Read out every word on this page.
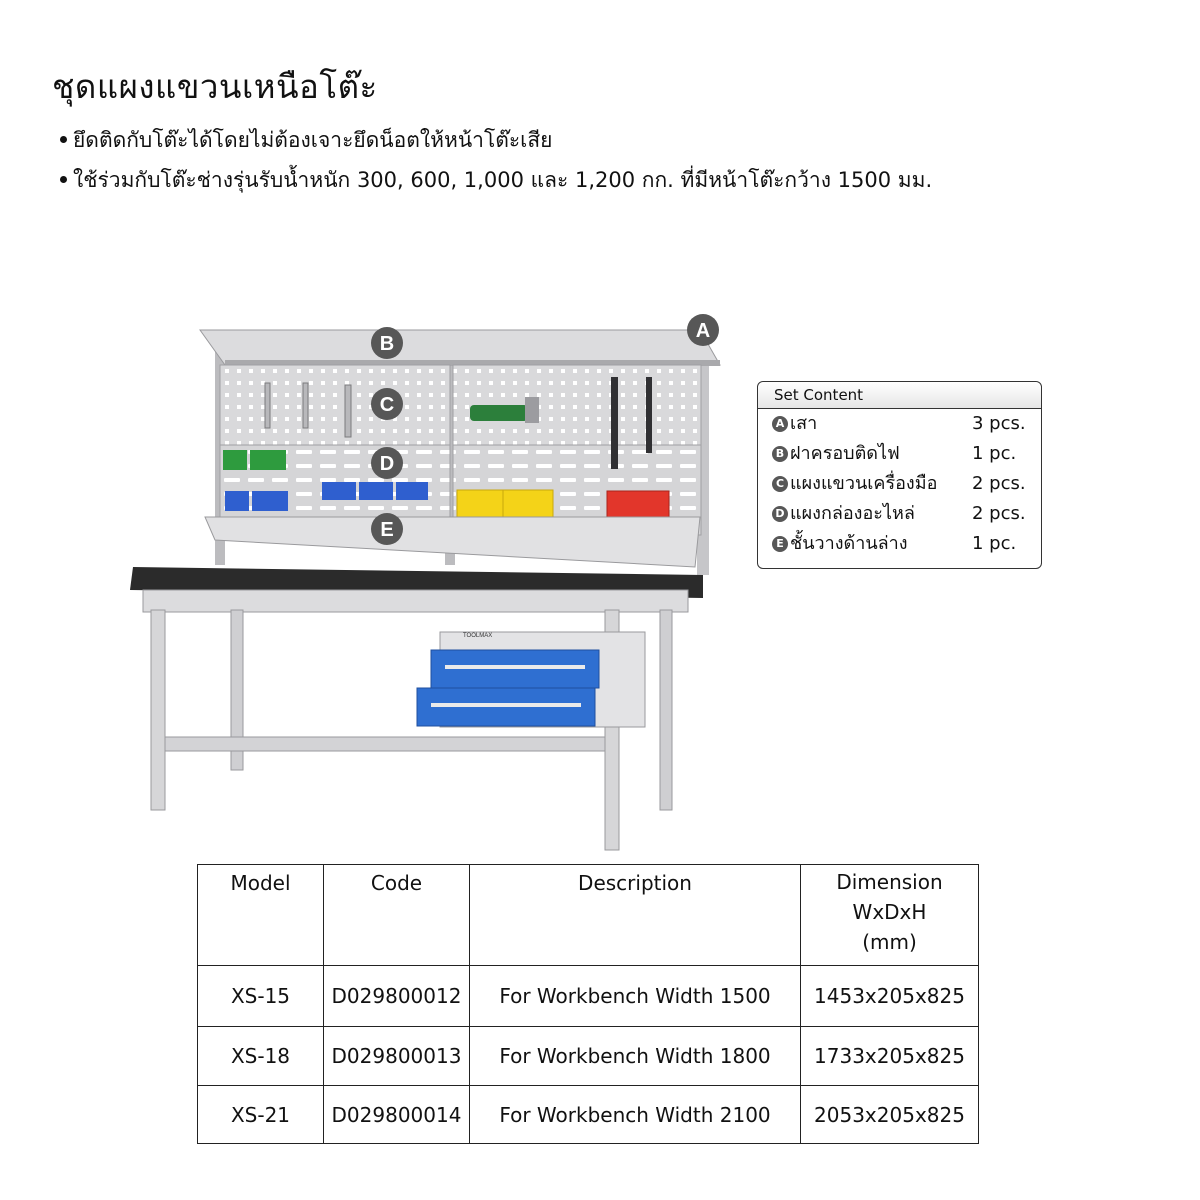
ชุดแผงแขวนเหนือโต๊ะ
ยึดติดกับโต๊ะได้โดยไม่ต้องเจาะยึดน็อตให้หน้าโต๊ะเสีย
ใช้ร่วมกับโต๊ะช่างรุ่นรับน้ำหนัก 300, 600, 1,000 และ 1,200 กก. ที่มีหน้าโต๊ะกว้าง 1500 มม.
TOOLMAX
A
B
C
D
E
Set Content
A เสา	3 pcs.
B ฝาครอบติดไฟ	1 pc.
C แผงแขวนเครื่องมือ 2 pcs.
D แผงกล่องอะไหล่	2 pcs.
E ชั้นวางด้านล่าง	1 pc.
Model	Code	Description	Dimension
WxDxH
(mm)

XS-15	D029800012	For Workbench Width 1500	1453x205x825
XS-18	D029800013	For Workbench Width 1800	1733x205x825
XS-21	D029800014	For Workbench Width 2100	2053x205x825
